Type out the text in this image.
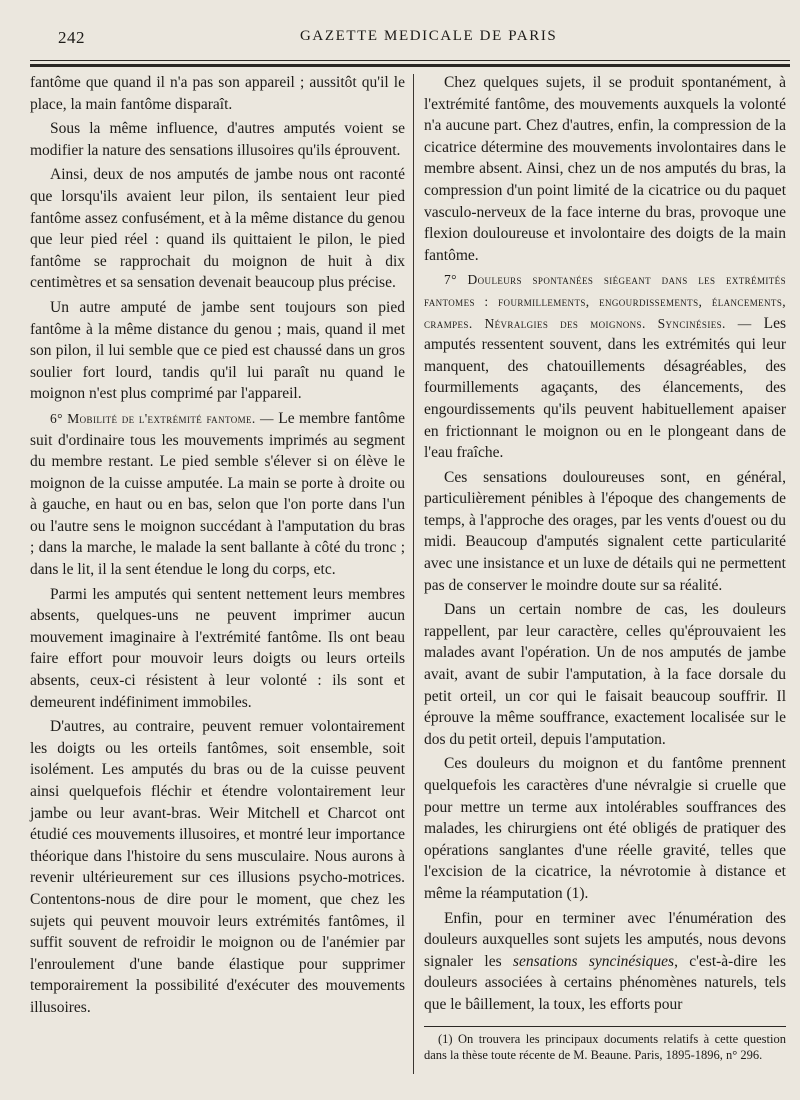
242	GAZETTE MEDICALE DE PARIS

fantôme que quand il n'a pas son appareil ; aussitôt qu'il le place, la main fantôme disparaît.

Sous la même influence, d'autres amputés voient se modifier la nature des sensations illusoires qu'ils éprouvent.

Ainsi, deux de nos amputés de jambe nous ont raconté que lorsqu'ils avaient leur pilon, ils sentaient leur pied fantôme assez confusément, et à la même distance du genou que leur pied réel : quand ils quittaient le pilon, le pied fantôme se rapprochait du moignon de huit à dix centimètres et sa sensation devenait beaucoup plus précise.

Un autre amputé de jambe sent toujours son pied fantôme à la même distance du genou ; mais, quand il met son pilon, il lui semble que ce pied est chaussé dans un gros soulier fort lourd, tandis qu'il lui paraît nu quand le moignon n'est plus comprimé par l'appareil.

6° Mobilité de l'extrémité fantome. — Le membre fantôme suit d'ordinaire tous les mouvements imprimés au segment du membre restant. Le pied semble s'élever si on élève le moignon de la cuisse amputée. La main se porte à droite ou à gauche, en haut ou en bas, selon que l'on porte dans l'un ou l'autre sens le moignon succédant à l'amputation du bras ; dans la marche, le malade la sent ballante à côté du tronc ; dans le lit, il la sent étendue le long du corps, etc.

Parmi les amputés qui sentent nettement leurs membres absents, quelques-uns ne peuvent imprimer aucun mouvement imaginaire à l'extrémité fantôme. Ils ont beau faire effort pour mouvoir leurs doigts ou leurs orteils absents, ceux-ci résistent à leur volonté : ils sont et demeurent indéfiniment immobiles.

D'autres, au contraire, peuvent remuer volontairement les doigts ou les orteils fantômes, soit ensemble, soit isolément. Les amputés du bras ou de la cuisse peuvent ainsi quelquefois fléchir et étendre volontairement leur jambe ou leur avant-bras. Weir Mitchell et Charcot ont étudié ces mouvements illusoires, et montré leur importance théorique dans l'histoire du sens musculaire. Nous aurons à revenir ultérieurement sur ces illusions psycho-motrices. Contentons-nous de dire pour le moment, que chez les sujets qui peuvent mouvoir leurs extrémités fantômes, il suffit souvent de refroidir le moignon ou de l'anémier par l'enroulement d'une bande élastique pour supprimer temporairement la possibilité d'exécuter des mouvements illusoires.

Chez quelques sujets, il se produit spontanément, à l'extrémité fantôme, des mouvements auxquels la volonté n'a aucune part. Chez d'autres, enfin, la compression de la cicatrice détermine des mouvements involontaires dans le membre absent. Ainsi, chez un de nos amputés du bras, la compression d'un point limité de la cicatrice ou du paquet vasculo-nerveux de la face interne du bras, provoque une flexion douloureuse et involontaire des doigts de la main fantôme.

7° Douleurs spontanées siégeant dans les extrémités fantomes : fourmillements, engourdissements, élancements, crampes. Névralgies des moignons. Syncinésies. — Les amputés ressentent souvent, dans les extrémités qui leur manquent, des chatouillements désagréables, des fourmillements agaçants, des élancements, des engourdissements qu'ils peuvent habituellement apaiser en frictionnant le moignon ou en le plongeant dans de l'eau fraîche.

Ces sensations douloureuses sont, en général, particulièrement pénibles à l'époque des changements de temps, à l'approche des orages, par les vents d'ouest ou du midi. Beaucoup d'amputés signalent cette particularité avec une insistance et un luxe de détails qui ne permettent pas de conserver le moindre doute sur sa réalité.

Dans un certain nombre de cas, les douleurs rappellent, par leur caractère, celles qu'éprouvaient les malades avant l'opération. Un de nos amputés de jambe avait, avant de subir l'amputation, à la face dorsale du petit orteil, un cor qui le faisait beaucoup souffrir. Il éprouve la même souffrance, exactement localisée sur le dos du petit orteil, depuis l'amputation.

Ces douleurs du moignon et du fantôme prennent quelquefois les caractères d'une névralgie si cruelle que pour mettre un terme aux intolérables souffrances des malades, les chirurgiens ont été obligés de pratiquer des opérations sanglantes d'une réelle gravité, telles que l'excision de la cicatrice, la névrotomie à distance et même la réamputation (1).

Enfin, pour en terminer avec l'énumération des douleurs auxquelles sont sujets les amputés, nous devons signaler les sensations syncinésiques, c'est-à-dire les douleurs associées à certains phénomènes naturels, tels que le bâillement, la toux, les efforts pour

(1) On trouvera les principaux documents relatifs à cette question dans la thèse toute récente de M. Beaune. Paris, 1895-1896, n° 296.
